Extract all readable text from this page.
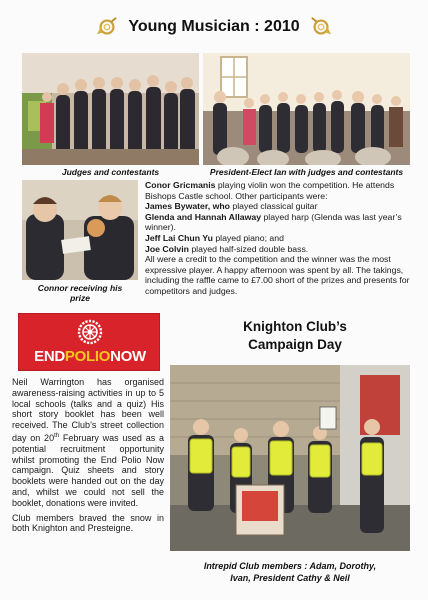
Young Musician : 2010
Judges and contestants	President-Elect Ian with judges and contestants
Connor receiving his
prize

Conor Gricmanis playing violin won the competition. He attends Bishops Castle school. Other participants were:

James Bywater, who played classical guitar

Glenda and Hannah Allaway played harp (Glenda was last year’s winner).

Jeff Lai Chun Yu played piano; and

Joe Colvin played half-sized double bass.

All were a credit to the competition and the winner was the most expressive player. A happy afternoon was spent by all. The takings, including the raffle came to £7.00 short of the prizes and presents for competitors and judges.

ENDPOLIONOW
Knighton Club’s
Campaign Day

Neil Warrington has organised awareness-raising activities in up to 5 local schools (talks and a quiz) His short story booklet has been well received. The Club’s street collection day on 20th February was used as a potential recruitment opportunity whilst promoting the End Polio Now campaign. Quiz sheets and story booklets were handed out on the day and, whilst we could not sell the booklet, donations were invited.

Club members braved the snow in both Knighton and Presteigne.

Intrepid Club members : Adam, Dorothy,
Ivan, President Cathy & Neil
